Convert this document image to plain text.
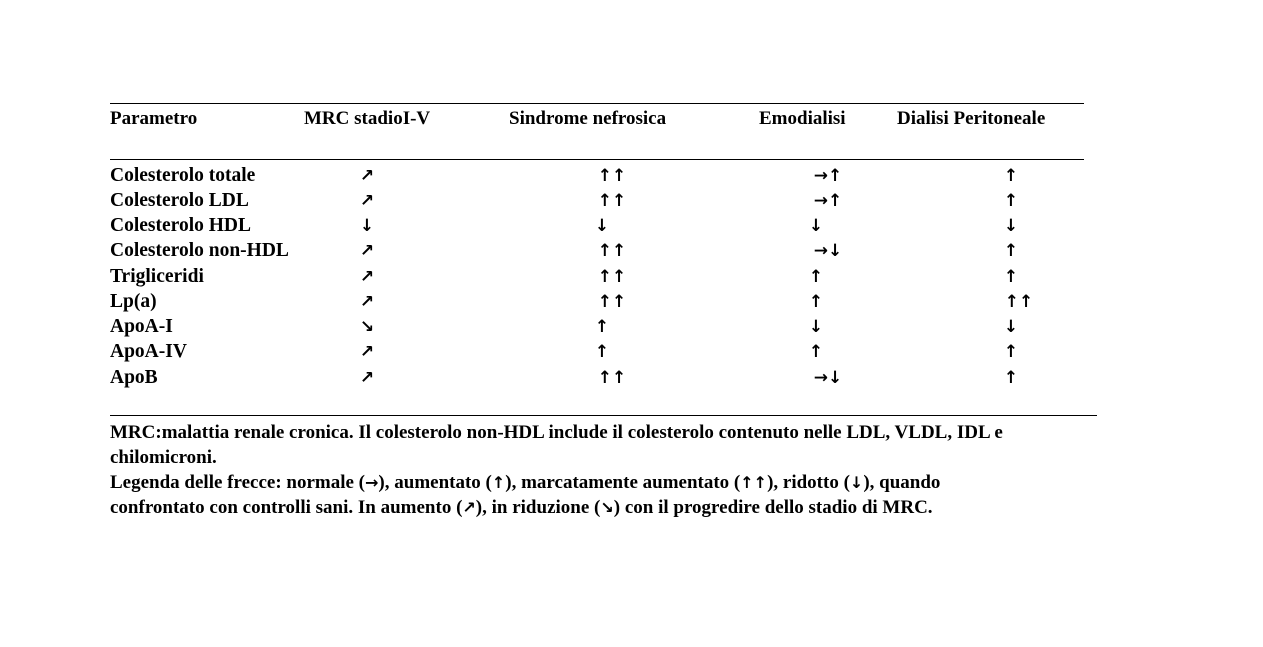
Parametro	MRC stadioI-V	Sindrome nefrosica	Emodialisi	Dialisi Peritoneale
Colesterolo totale	↗	↑↑	→↑	↑
Colesterolo LDL	↗	↑↑	→↑	↑
Colesterolo HDL	↓	↓	↓	↓
Colesterolo non-HDL	↗	↑↑	→↓	↑
Trigliceridi	↗	↑↑	↑	↑
Lp(a)	↗	↑↑	↑	↑↑
ApoA-I	↘	↑	↓	↓
ApoA-IV	↗	↑	↑	↑
ApoB	↗	↑↑	→↓	↑
MRC:malattia renale cronica. Il colesterolo non-HDL include il colesterolo contenuto nelle LDL, VLDL, IDL e
chilomicroni.
Legenda delle frecce: normale (→), aumentato (↑), marcatamente aumentato (↑↑), ridotto (↓), quando
confrontato con controlli sani. In aumento (↗), in riduzione (↘) con il progredire dello stadio di MRC.
